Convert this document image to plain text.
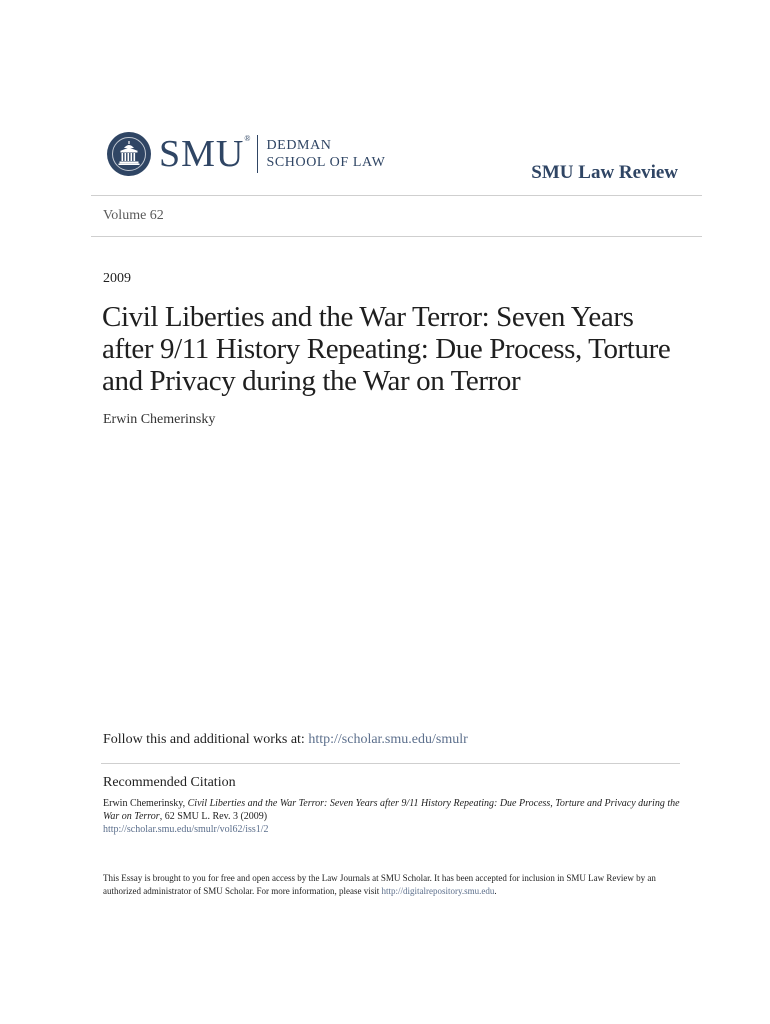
SMU® DEDMAN
SCHOOL OF LAW	SMU Law Review
Volume 62
2009
Civil Liberties and the War Terror: Seven Years after 9/11 History Repeating: Due Process, Torture and Privacy during the War on Terror
Erwin Chemerinsky
Follow this and additional works at: http://scholar.smu.edu/smulr
Recommended Citation
Erwin Chemerinsky, Civil Liberties and the War Terror: Seven Years after 9/11 History Repeating: Due Process, Torture and Privacy during the War on Terror, 62 SMU L. Rev. 3 (2009)
http://scholar.smu.edu/smulr/vol62/iss1/2
This Essay is brought to you for free and open access by the Law Journals at SMU Scholar. It has been accepted for inclusion in SMU Law Review by an authorized administrator of SMU Scholar. For more information, please visit http://digitalrepository.smu.edu.
